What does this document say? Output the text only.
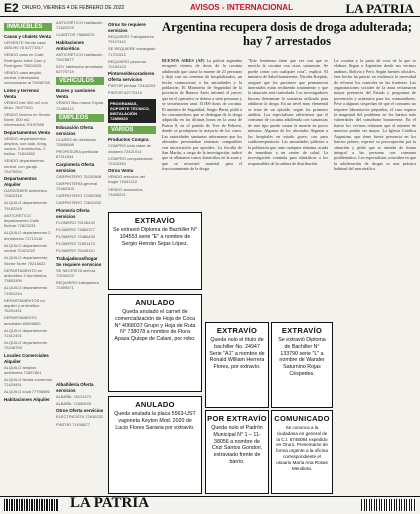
E2 ORURO, VIERNES 4 DE FEBRERO DE 2022	AVISOS - INTERNACIONAL	LA PATRIA
INMUEBLES
Casas y chalets Venta
URGENTE Vendo casa 4651/90.78 62771517
VENDO casa en Calle Rodríguez entre Caro y Rodríguez 75004025
VENDO casa amplia, central. Interesados comunicarse al 70048795
Lotes y terrenos Venta
VENDO lote 300 m2 con título. 76577520
VENDO terreno en Sector Norte, 500 m2. Interesados 70197085
Departamentos Venta
VENDO departamentos amplios, con sala, living, cocina, 3 dormitorios, 2 baños. 71841882
VENDO departamento central, con garaje. 75479094
Departamentos Alquiler
GARZONIER anticrético 72822318
ALQUILO departamento 79182245
ANTICRÉTICO departamento Calle Bolívar 72823233
ALQUILO departamento 2 dormitorios 71713116
ALQUILO departamento central 72421022
ALQUILO departamento, Sector Norte 70214622
DEPARTAMENTO en anticrético 3 dormitorios 73853399
ALQUILO departamento 71901244
DEPARTAMENTOS en alquiler y anticrético 76291451
DEPARTAMENTO amoblado 69506800
ALQUILO departamento 72412401
ALQUILO departamento 75248700
Locales Comerciales Alquiler
ALQUILO amplios ambientes 71857801
ALQUILO tienda comercial 72425491
ALQUILO local 77798495
Habitaciones Alquiler
ANTICRÉTICO habitación 71822229
CUARTOS 75685070
Habitaciones Anticrético
ANTICRÉTICO habitación 75478877
DOY habitación amoblada 62775719
VEHÍCULOS
Buses y camiones Venta
VENDO Bus marca Toyota 72480412
EMPLEOS
Educación Oferta servicios
CLASES de nivelación 72845088
PROFESORA particular 67211544
Carpintería Oferta servicios
CARPINTERO 76150508
CARPINTERÍA general 72482303
CARPINTERO 72452065
CARPINTERO 72810232
Plomería Oferta servicios
PLOMERO 79126432
PLOMERO 73884377
PLOMERO 72480430
PLOMERO 72851470
PLOMERO 75449110
Trabajadoras/hogar Se requiere servicios
SE NECESITA señora 70190222
REQUIERO trabajadora 72499571
Otros Se requiere servicios
REQUIERO Trabajadores 79127442
SE REQUIERE encargado 71701512
REQUIERO personal 70164123
Pintores/decoradores Oferta servicios
PINTOR pintura 72416203
PINTOR 62772410
PROGRAMAS, SOPORTE TÉCNICO, INSTALACIÓN 72850520
VARIOS
Productos Compra
COMPRO toda clase de chatarra 72421014
COMPRO computadoras 72423340
Otros Venta
VENDO artículos del hogar 72441212
VENDO accesorios 73440221
Albañilería Oferta servicios
ALBAÑIL 76131271
ALBAÑIL 72489020
Otros Oferta servicios
ELECTRICISTA 72810232
PINTOR 71918877
EXTRAVÍO
Se extravió Diploma de Bachiller N° 104553 serie "E" a nombre de Sergio Hernán Sejas López.
ANULADO
Queda anulado el carnet de comercialización de Hoja de Coca N° 4068037 Grupo y Hoja de Ruta N° 738078 a nombre de Flora Apaza Quispe de Calani, por robo.
ANULADO
Queda anulada la placa 5563-UST vagoneta Keyton Mod. 2020 de Lucio Flores Saravia por extravío.
Argentina recupera dosis de droga adulterada; hay 7 arrestados
BUENOS AIRES (AP) La policía argentina recuperó cientos de dosis de la cocaína adulterada que causó la muerte de 23 personas y dejó casi un centenar de hospitalizados, un hecho conmocionó a las autoridades y la población. El Ministerio de Seguridad de la provincia de Buenos Aires informó el jueves que en el operativo se detuvo a siete personas y se secuestraron unas 15.000 dosis de cocaína. El ministro de Seguridad, Sergio Berni, pidió a los consumidores que se deshagan de la droga adquirida en las últimas horas en la zona de Puerta 8, en el partido de Tres de Febrero, donde se produjeron la mayoría de los casos. Las autoridades sanitarias informaron que los afectados presentaban síntomas compatibles con intoxicación por opioides. La fiscalía de San Martín, a cargo de la investigación, indicó que se allanaron varios domicilios en la zona y que se secuestró material para el fraccionamiento de la droga.
"Este fenómeno tiene que ver con que se mezcla la cocaína con otras sustancias. Se puede cortar con cualquier cosa", explicó. El ministro de Salud bonaerense, Nicolás Kreplak, aseguró que los pacientes que permanecen internados están recibiendo tratamiento y que la situación está controlada. Los investigadores buscan determinar la sustancia utilizada para adulterar la droga. En un nivel muy elemental se trata de un opioide, según los primeros análisis. Los especialistas advirtieron que el consumo de cocaína adulterada con sustancias de este tipo puede causar la muerte en pocos minutos. Algunos de los afectados llegaron a los hospitales en estado grave, con paro cardiorrespiratorio. Las autoridades pidieron a la población que, ante cualquier síntoma, acuda de inmediato a un centro de salud. La investigación continúa para identificar a los responsables de la cadena de distribución.
La cocaína y la pasta de coca de la que se elabora llegan a Argentina desde sus vecinos andinos, Bolivia y Perú. Según fuentes oficiales, este hecho ha puesto en evidencia la necesidad de reforzar los controles en las fronteras. Las organizaciones sociales de la zona reclamaron mayor presencia del Estado y programas de prevención y asistencia para los consumidores. Pese a algunas sospechas de que el consumo no requiere laboratorios pequeños, el caso expuso la magnitud del problema en los barrios más vulnerables del conurbano bonaerense. En el barrio los vecinos relataron que el número de muertos podría ser mayor. La Iglesia Católica Argentina, que tiene fuerte presencia en los barrios pobres, expresó su preocupación por la situación y pidió que se atienda de forma integral a las personas con consumo problemático. Los especialistas coinciden en que la adulteración de drogas es una práctica habitual del narcotráfico.
EXTRAVÍO
Queda nulo el título de bachiller No. 24947 Serie "A1" a nombre de Ronald William Herrera Flores, por extravío.
EXTRAVÍO
Se extravió Diploma de Bachiller N° 133790 serie "L" a nombre de Wander Saturnino Rojas Céspedes.
POR EXTRAVÍO
Queda nulo el Padrón Municipal N° 1 – 11- 38056 a nombre de Crizi Santos Gondori, extraviado frente de barrio.
COMUNICADO
Se convoca a la ciudadana en general de la C.I. 5748084 expedido en Oruro. Presentarse de forma urgente a la oficina correspondiente el usuario María Ana Rosas Mendieta.
LA PATRIA
